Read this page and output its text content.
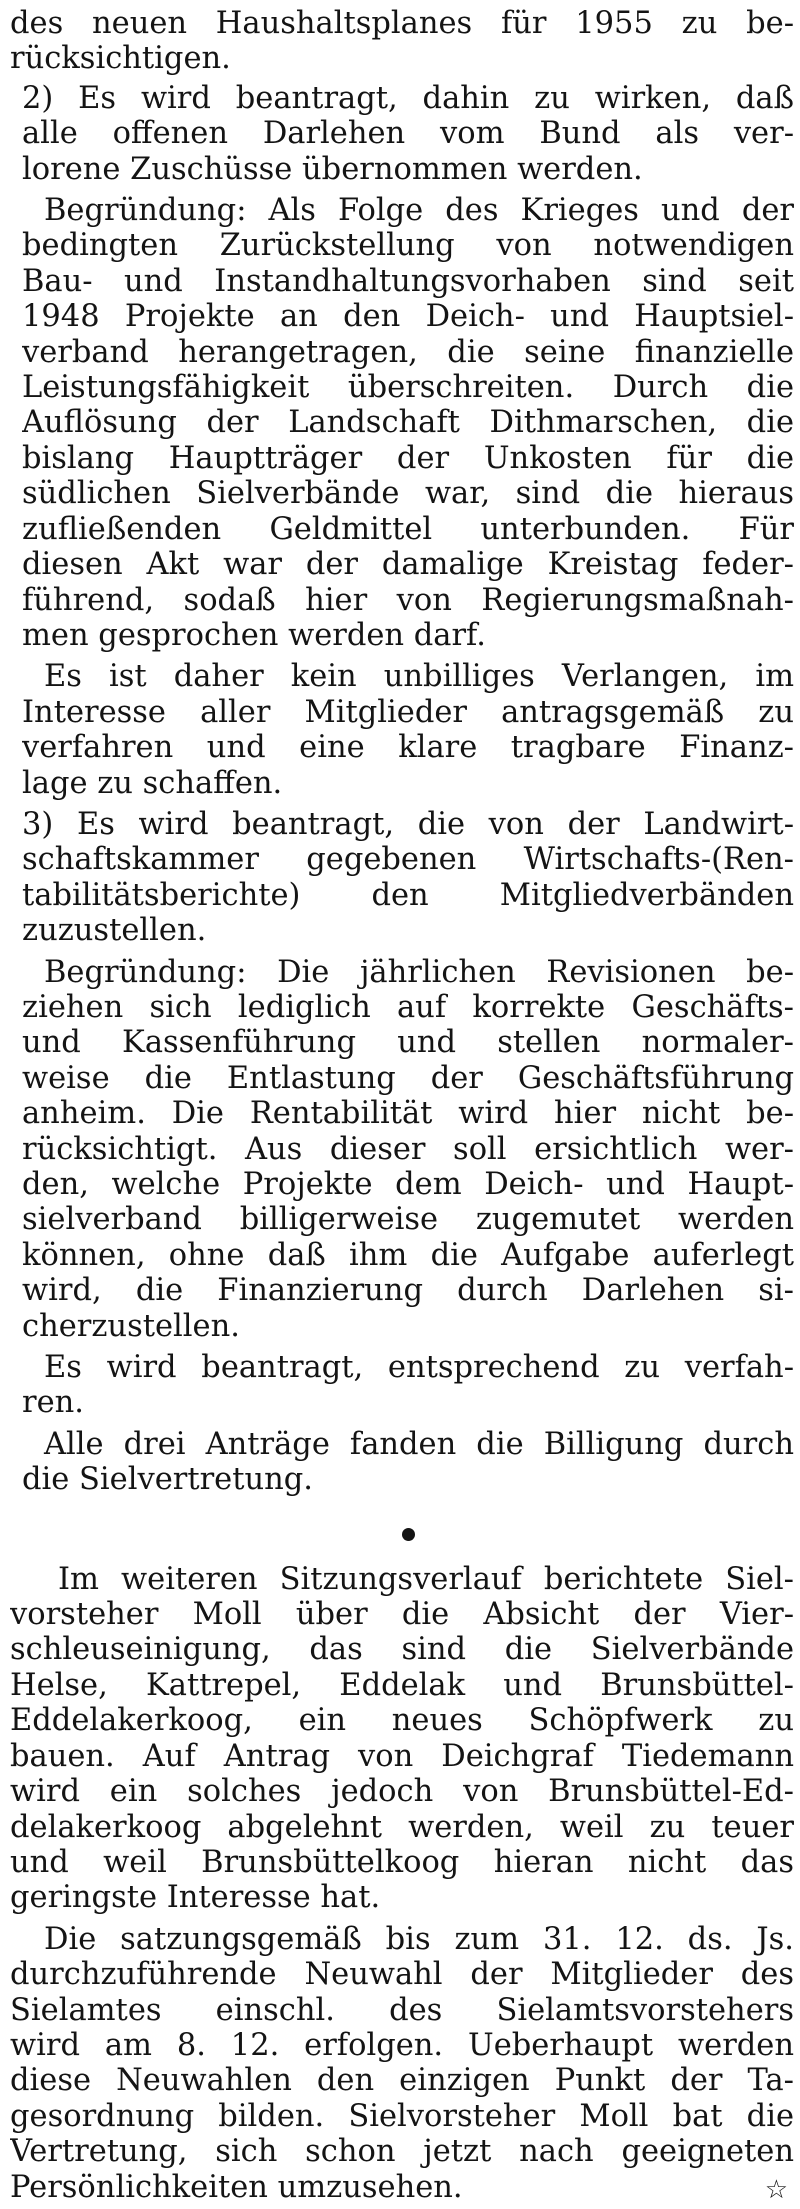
des neuen Haushaltsplanes für 1955 zu be-
rücksichtigen.

2) Es wird beantragt, dahin zu wirken, daß
alle offenen Darlehen vom Bund als ver-
lorene Zuschüsse übernommen werden.

Begründung: Als Folge des Krieges und der
bedingten Zurückstellung von notwendigen
Bau- und Instandhaltungsvorhaben sind seit
1948 Projekte an den Deich- und Hauptsiel-
verband herangetragen, die seine finanzielle
Leistungsfähigkeit überschreiten. Durch die
Auflösung der Landschaft Dithmarschen, die
bislang Hauptträger der Unkosten für die
südlichen Sielverbände war, sind die hieraus
zufließenden Geldmittel unterbunden. Für
diesen Akt war der damalige Kreistag feder-
führend, sodaß hier von Regierungsmaßnah-
men gesprochen werden darf.

Es ist daher kein unbilliges Verlangen, im
Interesse aller Mitglieder antragsgemäß zu
verfahren und eine klare tragbare Finanz-
lage zu schaffen.

3) Es wird beantragt, die von der Landwirt-
schaftskammer gegebenen Wirtschafts-(Ren-
tabilitätsberichte) den Mitgliedverbänden
zuzustellen.

Begründung: Die jährlichen Revisionen be-
ziehen sich lediglich auf korrekte Geschäfts-
und Kassenführung und stellen normaler-
weise die Entlastung der Geschäftsführung
anheim. Die Rentabilität wird hier nicht be-
rücksichtigt. Aus dieser soll ersichtlich wer-
den, welche Projekte dem Deich- und Haupt-
sielverband billigerweise zugemutet werden
können, ohne daß ihm die Aufgabe auferlegt
wird, die Finanzierung durch Darlehen si-
cherzustellen.

Es wird beantragt, entsprechend zu verfah-
ren.

Alle drei Anträge fanden die Billigung durch
die Sielvertretung.

Im weiteren Sitzungsverlauf berichtete Siel-
vorsteher Moll über die Absicht der Vier-
schleuseinigung, das sind die Sielverbände
Helse, Kattrepel, Eddelak und Brunsbüttel-
Eddelakerkoog, ein neues Schöpfwerk zu
bauen. Auf Antrag von Deichgraf Tiedemann
wird ein solches jedoch von Brunsbüttel-Ed-
delakerkoog abgelehnt werden, weil zu teuer
und weil Brunsbüttelkoog hieran nicht das
geringste Interesse hat.

Die satzungsgemäß bis zum 31. 12. ds. Js.
durchzuführende Neuwahl der Mitglieder des
Sielamtes einschl. des Sielamtsvorstehers
wird am 8. 12. erfolgen. Ueberhaupt werden
diese Neuwahlen den einzigen Punkt der Ta-
gesordnung bilden. Sielvorsteher Moll bat die
Vertretung, sich schon jetzt nach geeigneten
Persönlichkeiten umzusehen.	☆
